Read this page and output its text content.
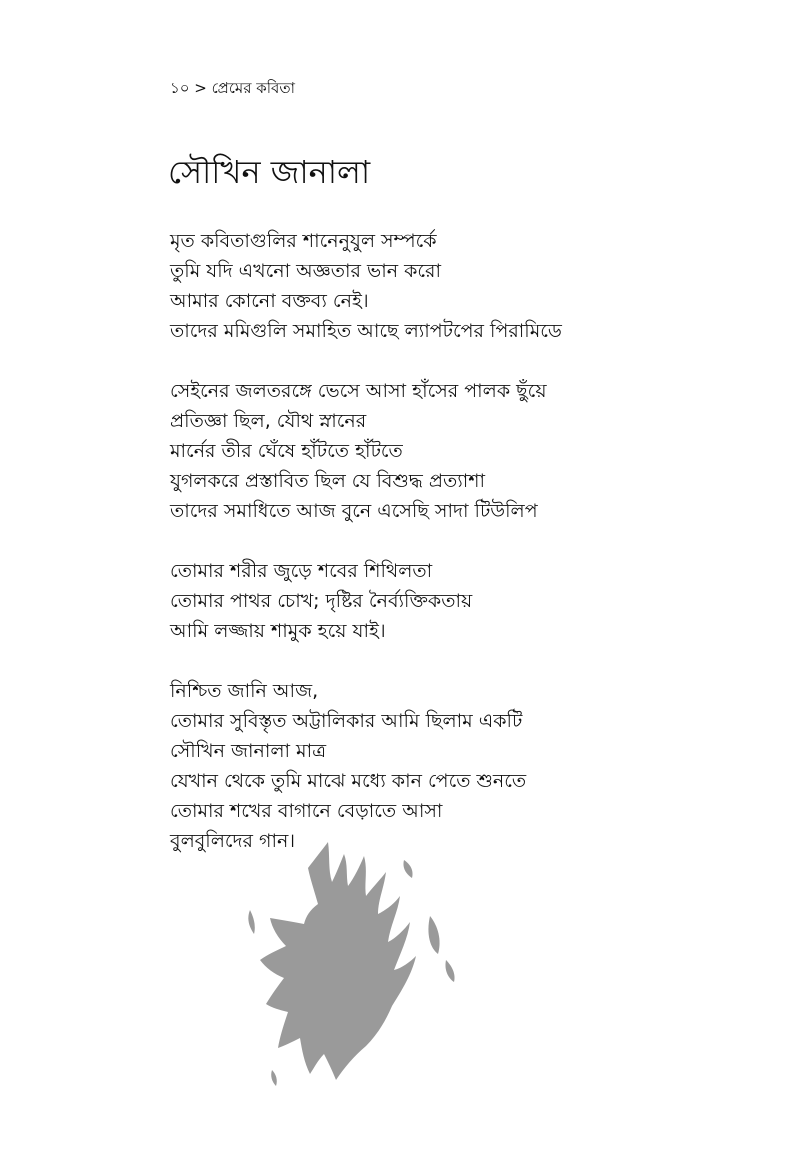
১০ > প্রেমের কবিতা
সৌখিন জানালা
মৃত কবিতাগুলির শানেনুযুল সম্পর্কে
তুমি যদি এখনো অজ্ঞতার ভান করো
আমার কোনো বক্তব্য নেই।
তাদের মমিগুলি সমাহিত আছে ল্যাপটপের পিরামিডে
সেইনের জলতরঙ্গে ভেসে আসা হাঁসের পালক ছুঁয়ে
প্রতিজ্ঞা ছিল, যৌথ স্নানের
মার্নের তীর ঘেঁষে হাঁটতে হাঁটতে
যুগলকরে প্রস্তাবিত ছিল যে বিশুদ্ধ প্রত্যাশা
তাদের সমাধিতে আজ বুনে এসেছি সাদা টিউলিপ
তোমার শরীর জুড়ে শবের শিথিলতা
তোমার পাথর চোখ; দৃষ্টির নৈর্ব্যক্তিকতায়
আমি লজ্জায় শামুক হয়ে যাই।
নিশ্চিত জানি আজ,
তোমার সুবিস্তৃত অট্টালিকার আমি ছিলাম একটি
সৌখিন জানালা মাত্র
যেখান থেকে তুমি মাঝে মধ্যে কান পেতে শুনতে
তোমার শখের বাগানে বেড়াতে আসা
বুলবুলিদের গান।
